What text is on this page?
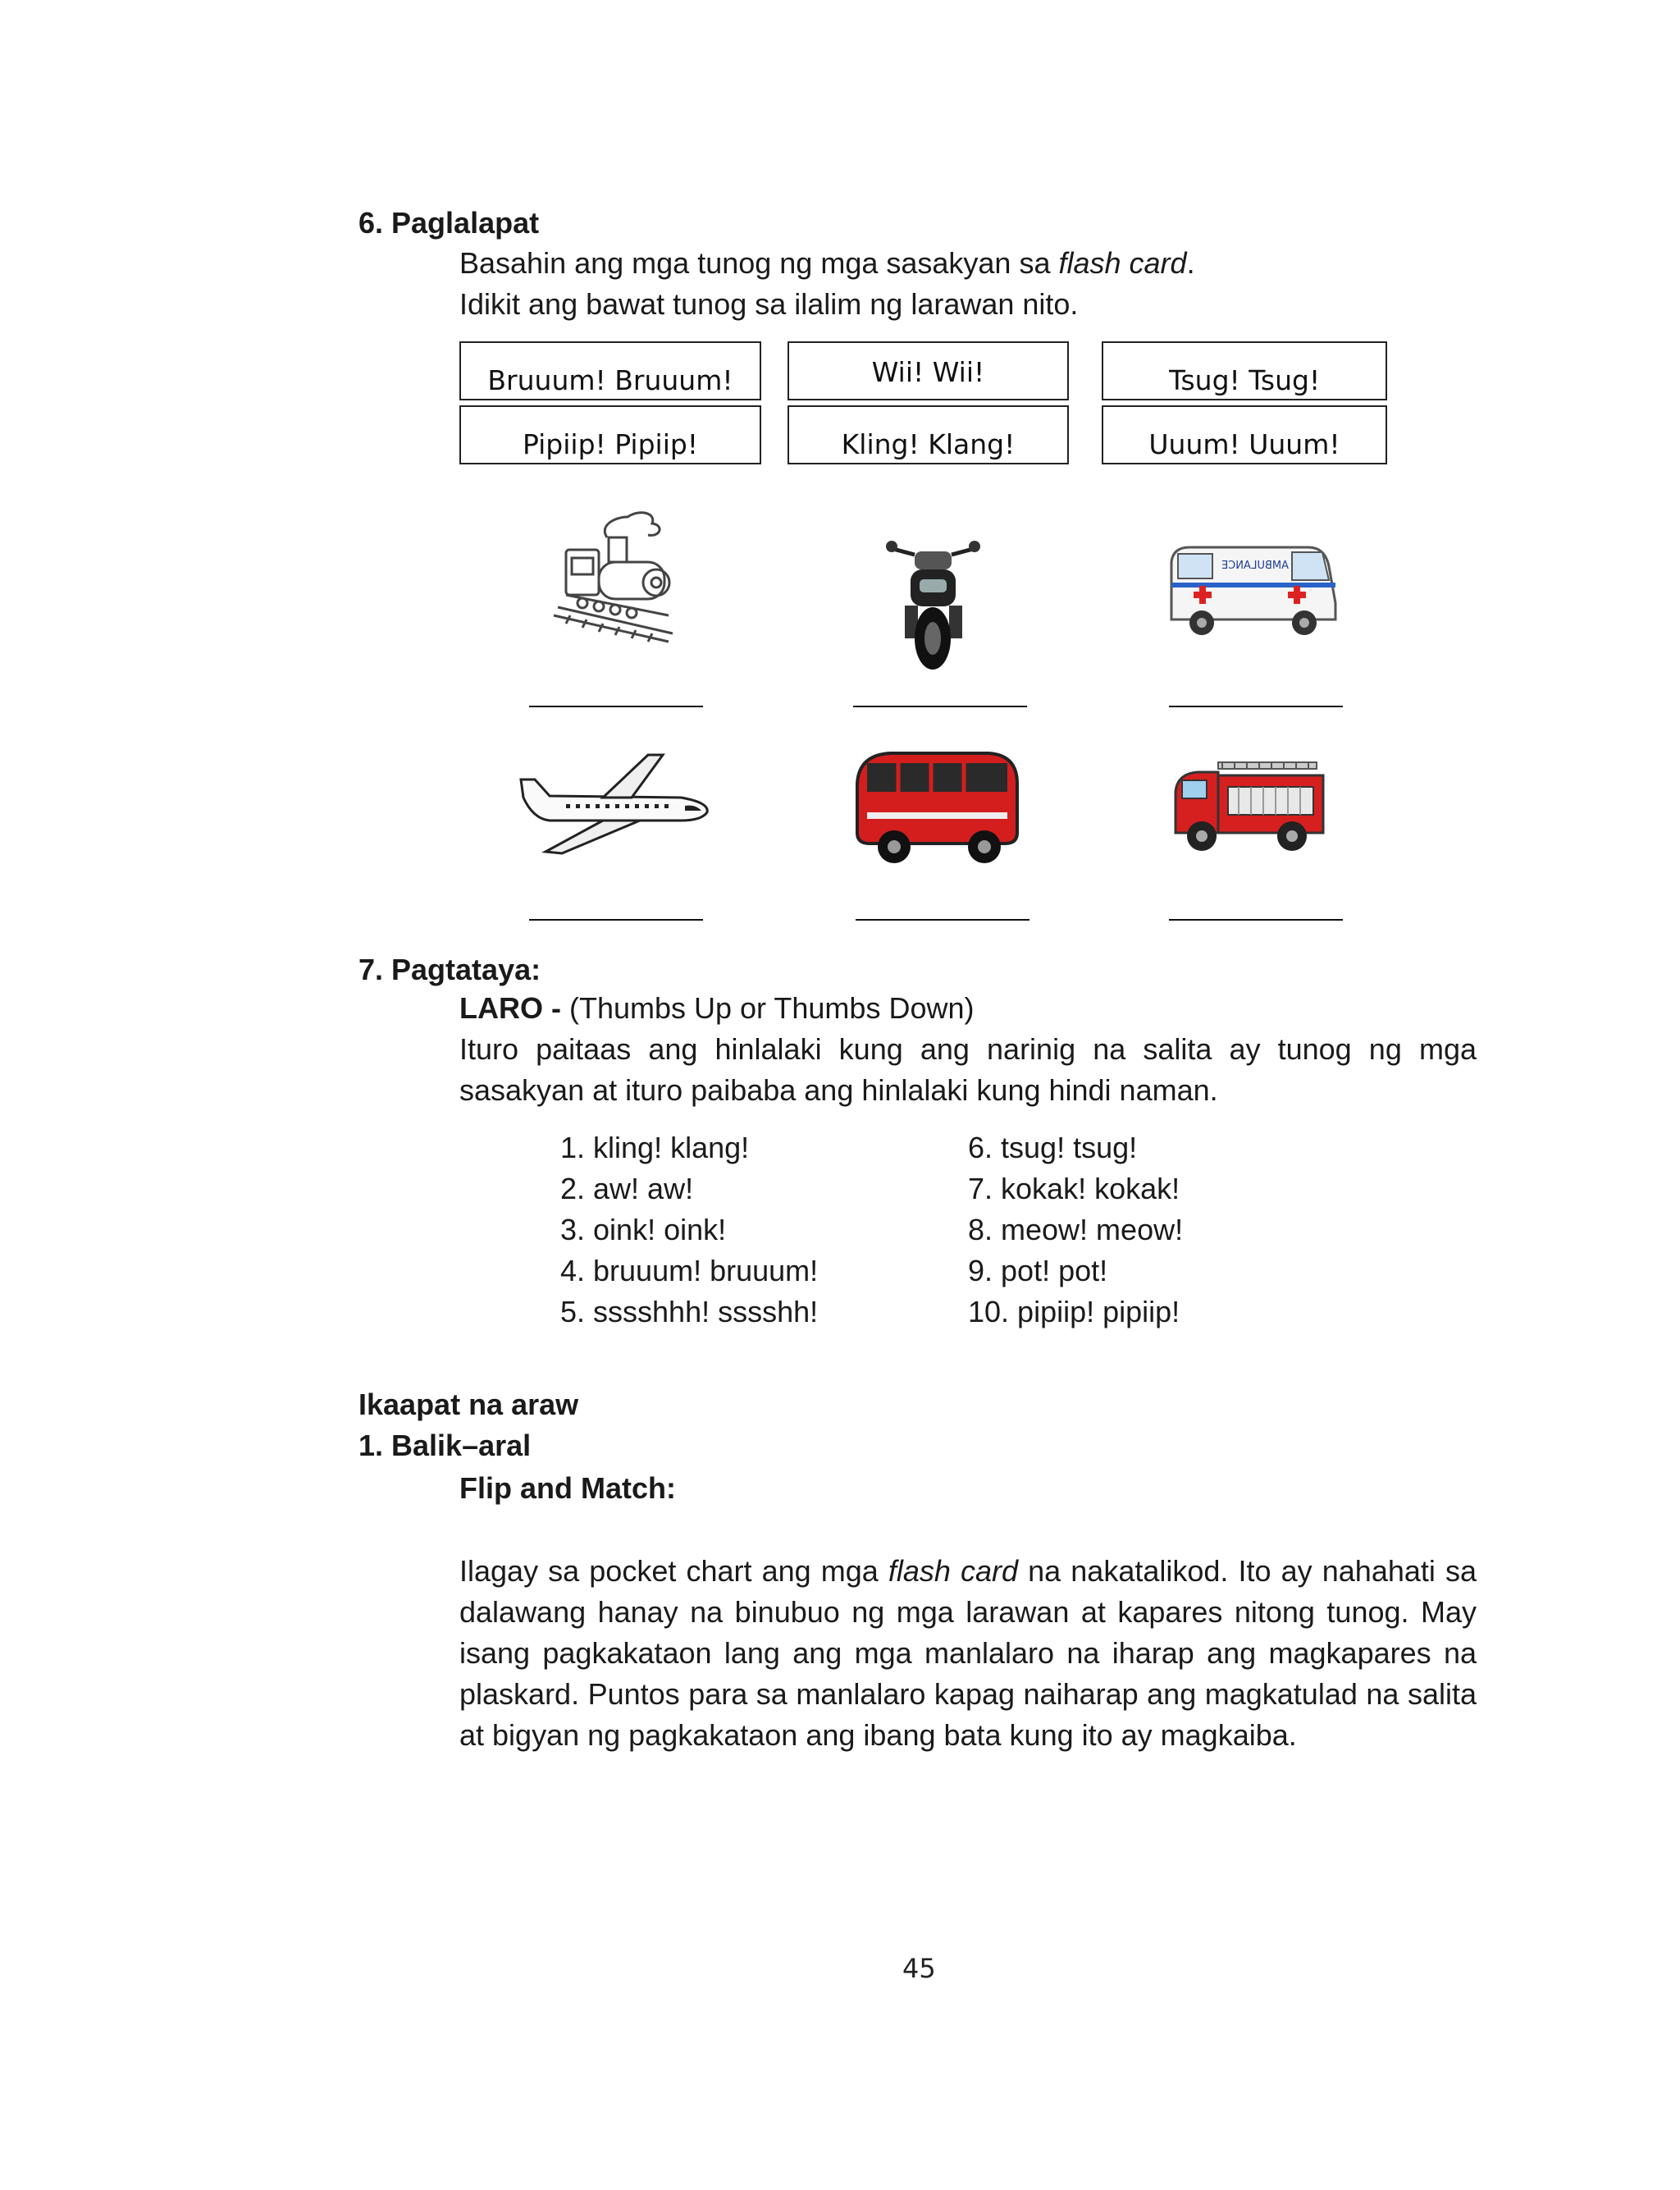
6. Paglalapat
Basahin ang mga tunog ng mga sasakyan sa flash card.
Idikit ang bawat tunog sa ilalim ng larawan nito.
Bruuum! Bruuum!	Wii! Wii!	Tsug! Tsug!
Pipiip! Pipiip!	Kling! Klang!	Uuum! Uuum!
AMBULANCE
7. Pagtataya:
LARO - (Thumbs Up or Thumbs Down)
Ituro paitaas ang hinlalaki kung ang narinig na salita ay tunog ng mga sasakyan at ituro paibaba ang hinlalaki kung hindi naman.
1. kling! klang!
2. aw! aw!
3. oink! oink!
4. bruuum! bruuum!
5. sssshhh! sssshh!
6. tsug! tsug!
7. kokak! kokak!
8. meow! meow!
9. pot! pot!
10. pipiip! pipiip!
Ikaapat na araw
1. Balik–aral
Flip and Match:
Ilagay sa pocket chart ang mga flash card na nakatalikod. Ito ay nahahati sa dalawang hanay na binubuo ng mga larawan at kapares nitong tunog. May isang pagkakataon lang ang mga manlalaro na iharap ang magkapares na plaskard. Puntos para sa manlalaro kapag naiharap ang magkatulad na salita at bigyan ng pagkakataon ang ibang bata kung ito ay magkaiba.
45
